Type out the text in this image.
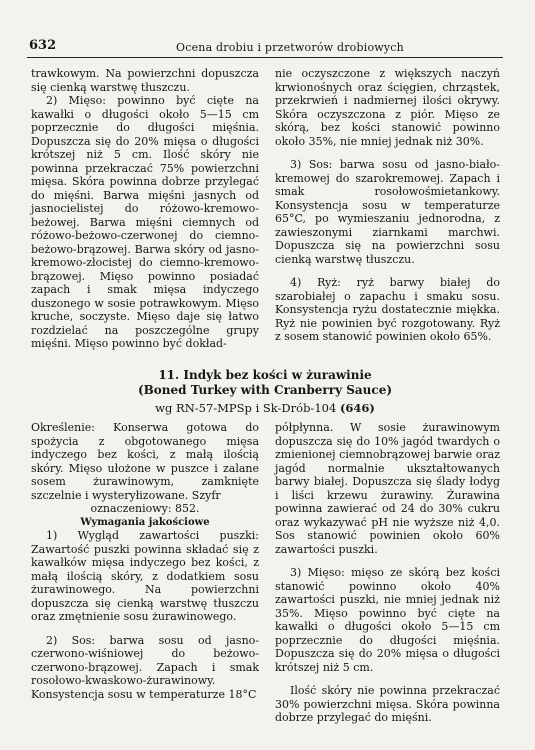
632	Ocena drobiu i przetworów drobiowych

trawkowym. Na powierzchni dopuszcza się cienką warstwę tłuszczu.

2) Mięso: powinno być cięte na kawałki o długości około 5—15 cm poprzecznie do długości mięśnia. Dopuszcza się do 20% mięsa o długości krótszej niż 5 cm. Ilość skóry nie powinna przekraczać 75% powierzchni mięsa. Skóra powinna dobrze przylegać do mięśni. Barwa mięśni jasnych od jasnocielistej do różowo-kremowo-beżowej. Barwa mięśni ciemnych od różowo-beżowo-czerwonej do ciemno-beżowo-brązowej. Barwa skóry od jasno-kremowo-złocistej do ciemno-kremowo-brązowej. Mięso powinno posiadać zapach i smak mięsa indyczego duszonego w sosie potrawkowym. Mięso kruche, soczyste. Mięso daje się łatwo rozdzielać na poszczególne grupy mięśni. Mięso powinno być dokład-

nie oczyszczone z większych naczyń krwionośnych oraz ścięgien, chrząstek, przekrwień i nadmiernej ilości okrywy. Skóra oczyszczona z piór. Mięso ze skórą, bez kości stanowić powinno około 35%, nie mniej jednak niż 30%.

3) Sos: barwa sosu od jasno-biało-kremowej do szarokremowej. Zapach i smak rosołowośmietankowy. Konsystencja sosu w temperaturze 65°C, po wymieszaniu jednorodna, z zawieszonymi ziarnkami marchwi. Dopuszcza się na powierzchni sosu cienką warstwę tłuszczu.

4) Ryż: ryż barwy białej do szarobiałej o zapachu i smaku sosu. Konsystencja ryżu dostatecznie miękka. Ryż nie powinien być rozgotowany. Ryż z sosem stanowić powinien około 65%.

11. Indyk bez kości w żurawinie
(Boned Turkey with Cranberry Sauce)
wg RN-57-MPSp i Sk-Drób-104 (646)

Określenie: Konserwa gotowa do spożycia z obgotowanego mięsa indyczego bez kości, z małą ilością skóry. Mięso ułożone w puszce i zalane sosem żurawinowym, zamknięte szczelnie i wysteryłizowane. Szyfr

oznaczeniowy: 852.

Wymagania jakościowe

1) Wygląd zawartości puszki: Zawartość puszki powinna składać się z kawałków mięsa indyczego bez kości, z małą ilością skóry, z dodatkiem sosu żurawinowego. Na powierzchni dopuszcza się cienką warstwę tłuszczu oraz zmętnienie sosu żurawinowego.

2) Sos: barwa sosu od jasno-czerwono-wiśniowej do beżowo-czerwono-brązowej. Zapach i smak rosołowo-kwaskowo-żurawinowy. Konsystencja sosu w temperaturze 18°C

półpłynna. W sosie żurawinowym dopuszcza się do 10% jagód twardych o zmienionej ciemnobrązowej barwie oraz jagód normalnie ukształtowanych barwy białej. Dopuszcza się ślady łodyg i liści krzewu żurawiny. Żurawina powinna zawierać od 24 do 30% cukru oraz wykazywać pH nie wyższe niż 4,0. Sos stanowić powinien około 60% zawartości puszki.

3) Mięso: mięso ze skórą bez kości stanowić powinno około 40% zawartości puszki, nie mniej jednak niż 35%. Mięso powinno być cięte na kawałki o długości około 5—15 cm poprzecznie do długości mięśnia. Dopuszcza się do 20% mięsa o długości krótszej niż 5 cm.

Ilość skóry nie powinna przekraczać 30% powierzchni mięsa. Skóra powinna dobrze przylegać do mięśni.
